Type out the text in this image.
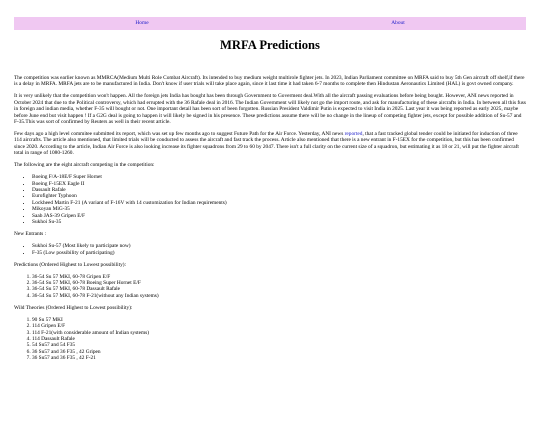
Home	About
MRFA Predictions

The competition was earlier known as MMRCA(Medium Multi Role Combat Aircraft). Its intended to buy medium weight multirole fighter jets. In 2023, Indian Parliament committee on MRFA said to buy 5th Gen aircraft off shelf,if there is a delay in MRFA. MRFA jets are to be manufactured in India. Don't know if user trials will take place again, since it last time it had taken 6-7 months to complete then Hindustan Aeronautics Limited (HAL) is govt owned company.

It is very unlikely that the competition won't happen. All the foreign jets India has bought has been through Government to Goverment deal.With all the aircraft passing evaluations before being bought. However, ANI news reported in October 2024 that due to the Political controversy, which had errupted with the 36 Rafale deal in 2016. The Indian Government will likely not go the import route, and ask for manufacturing of these aircrafts in India. In between all this fuss in foreign and indian media, whether F-35 will bought or not. One important detail has been sort of been forgotten. Russian President Valdimir Putin is expected to visit India in 2025. Last year it was being reported as early 2025, maybe before June end but visit happen ! If a G2G deal is going to happen it will likely be signed in his presence. These predictions assume there will be no change in the lineup of competing fighter jets, except for possible addition of Su-57 and F-35.This was sort of confirmed by Reuters as well in their recent article.

Few days ago a high level commitee submitted its report, which was set up few months ago to suggest Future Path for the Air Force. Yesterday, ANI news reported, that a fast tracked global tender could be initiated for induction of three 114 aircrafts. The article also mentioned, that limited trials will be conducted to assess the aircraft and fast track the process. Article also mentioned that there is a new entrant in F-15EX for the competition, but this has been confirmed since 2020. According to the article, Indian Air Force is also looking increase its fighter squadrons from 29 to 60 by 2047. There isn't a full clarity on the current size of a squadron, but estimating it as 18 or 21, will put the fighter aircraft total in range of 1080-1260.

The following are the eight aircraft competing in the competition:

• Boeing F/A-18E/F Super Hornet
• Boeing F-15EX Eagle II
• Dassault Rafale
• Eurofighter Typhoon
• Lockheed Martin F-21 (A variant of F-16V with 14 customization for Indian requirements)
• Mikoyan MiG-35
• Saab JAS-39 Gripen E/F
• Sukhoi Su-35

New Entrants :

• Sukhoi Su-57 (Most likely to participate now)
• F-35 (Low possibility of participating)

Predictions (Ordered Highest to Lowest possibility):

1. 36-54 Su 57 MKI, 60-78 Gripen E/F
2. 36-54 Su 57 MKI, 60-78 Boeing Super Hornet E/F
3. 36-54 Su 57 MKI, 60-78 Dassault Rafale
4. 36-54 Su 57 MKI, 60-78 F-21(without any Indian systems)

Wild Theories (Ordered Highest to Lowest possibility):

1. 90 Su 57 MKI
2. 114 Gripen E/F
3. 114 F-21(with considerable amount of Indian systems)
4. 114 Dassault Rafale
5. 54 Su57 and 54 F35
6. 36 Su57 and 36 F35 , 42 Gripen
7. 36 Su57 and 36 F35 , 42 F-21
